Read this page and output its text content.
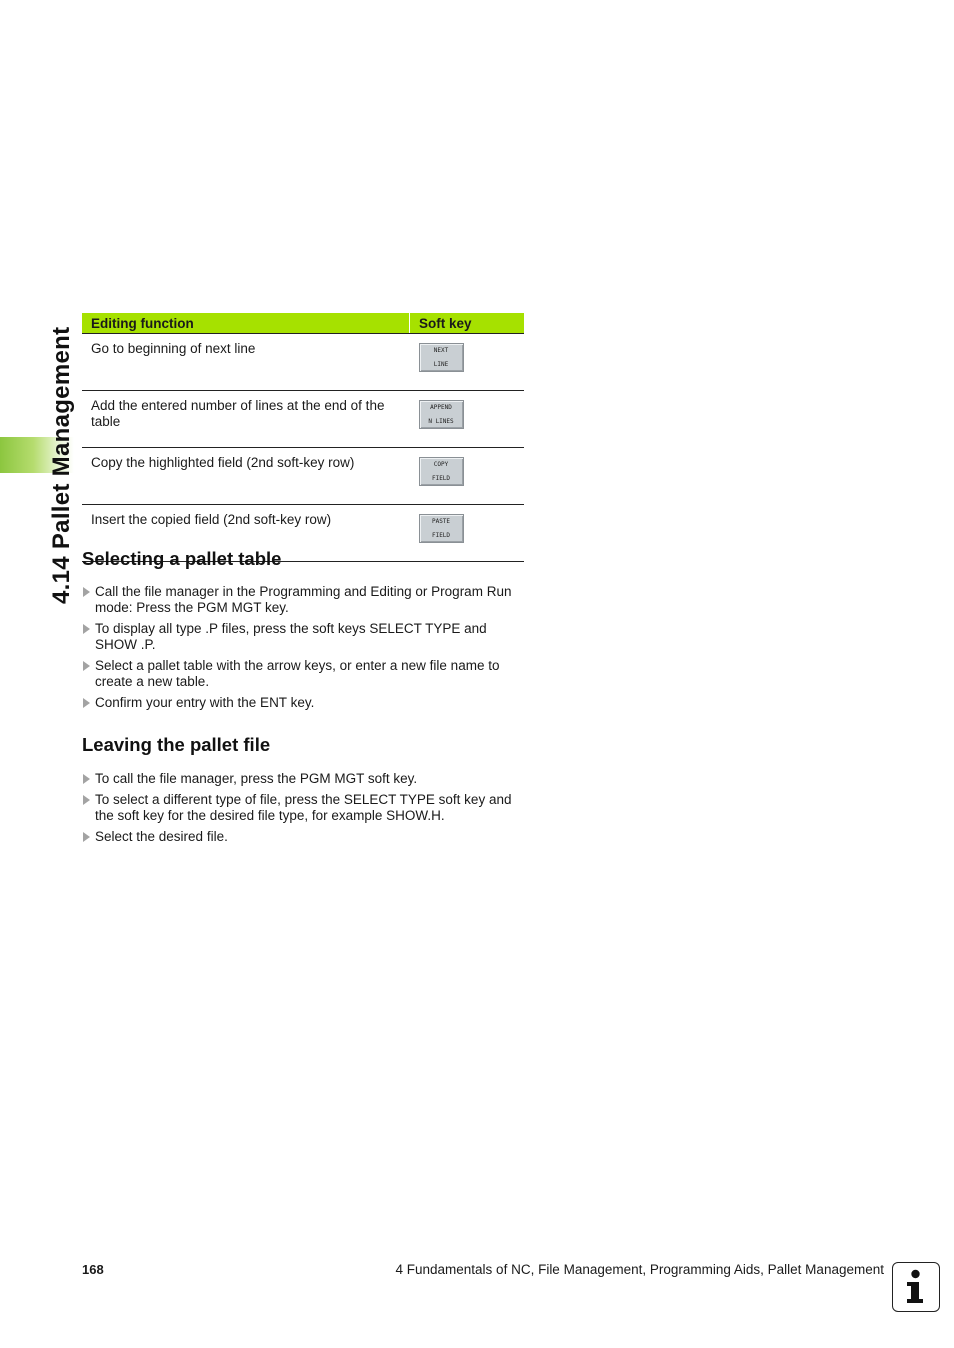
4.14 Pallet Management
Editing function	Soft key
Go to beginning of next line	NEXT
LINE

Add the entered number of lines at the end of the table	APPEND
N LINES

Copy the highlighted field (2nd soft-key row)	COPY
FIELD

Insert the copied field (2nd soft-key row)	PASTE
FIELD
Selecting a pallet table
Call the file manager in the Programming and Editing or Program Run mode: Press the PGM MGT key.
To display all type .P files, press the soft keys SELECT TYPE and SHOW .P.
Select a pallet table with the arrow keys, or enter a new file name to create a new table.
Confirm your entry with the ENT key.
Leaving the pallet file
To call the file manager, press the PGM MGT soft key.
To select a different type of file, press the SELECT TYPE soft key and the soft key for the desired file type, for example SHOW.H.
Select the desired file.
168	4 Fundamentals of NC, File Management, Programming Aids, Pallet Management
